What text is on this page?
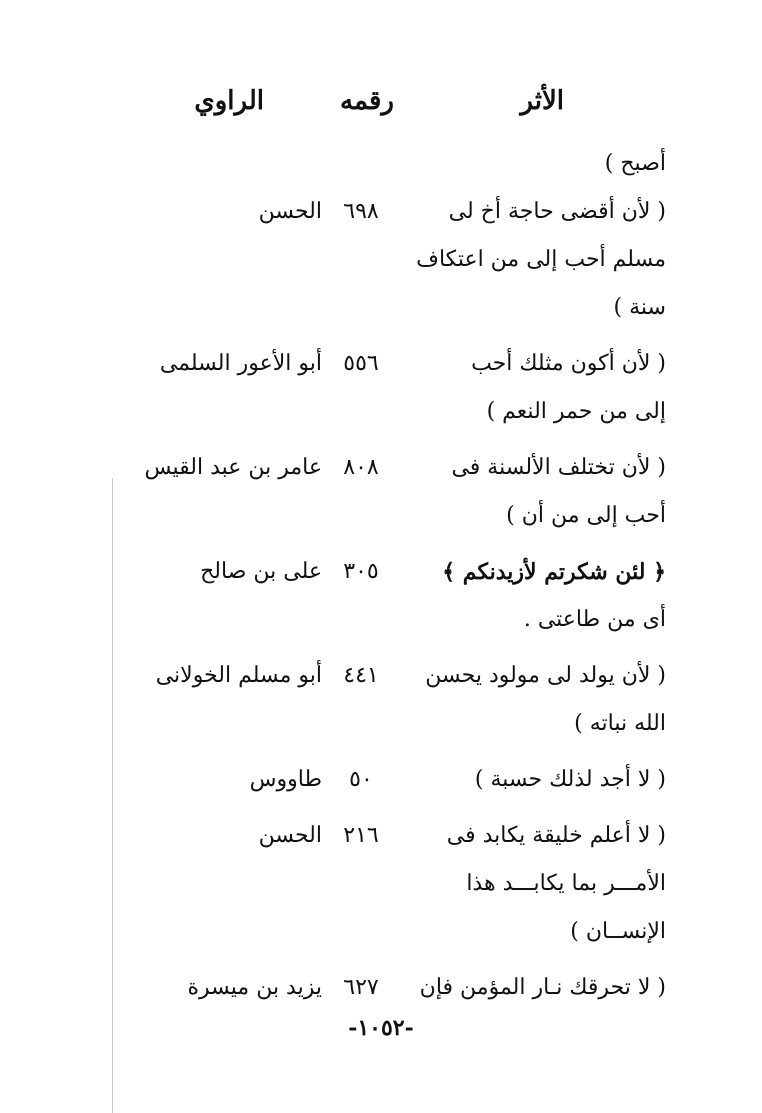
الأثر
رقمه
الراوي
أصبح )
( لأن أقضى حاجة أخ لى
مسلم أحب إلى من اعتكاف
سنة )
٦٩٨
الحسن
( لأن أكون مثلك أحب
إلى من حمر النعم )
٥٥٦
أبو الأعور السلمى
( لأن تختلف الألسنة فى
أحب إلى من أن )
٨٠٨
عامر بن عبد القيس
﴿ لئن شكرتم لأزيدنكم ﴾
أى من طاعتى .
٣٠٥
على بن صالح
( لأن يولد لى مولود يحسن
الله نباته )
٤٤١
أبو مسلم الخولانى
( لا أجد لذلك حسبة )
٥٠
طاووس
( لا أعلم خليقة يكابد فى
الأمـــر بما يكابـــد هذا
الإنســان )
٢١٦
الحسن
( لا تحرقك نـار المؤمن فإن
٦٢٧
يزيد بن ميسرة
-١٠٥٢-
